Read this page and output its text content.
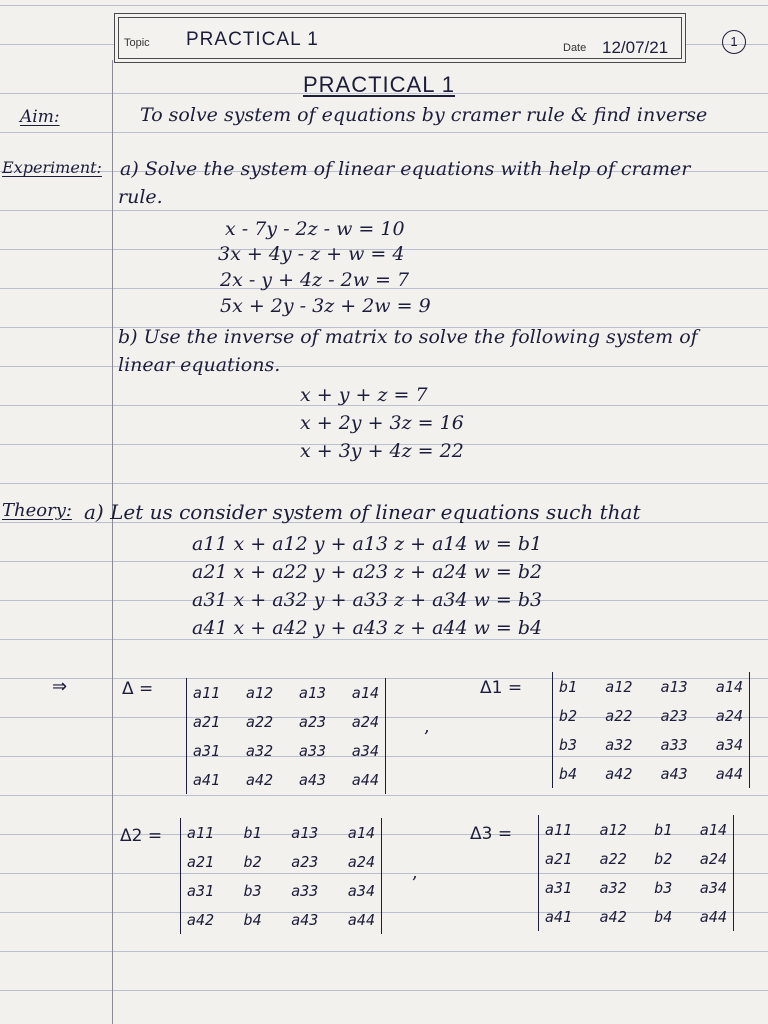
Topic PRACTICAL 1	Date 12/07/21	1
PRACTICAL 1
Aim:	To solve system of equations by cramer rule & find inverse
Experiment: a) Solve the system of linear equations with help of cramer
rule.
x - 7y - 2z - w = 10
3x + 4y - z + w = 4
2x - y + 4z - 2w = 7
5x + 2y - 3z + 2w = 9
b) Use the inverse of matrix to solve the following system of
linear equations.
x + y + z = 7
x + 2y + 3z = 16
x + 3y + 4z = 22
Theory: a) Let us consider system of linear equations such that
a11 x + a12 y + a13 z + a14 w = b1
a21 x + a22 y + a23 z + a24 w = b2
a31 x + a32 y + a33 z + a34 w = b3
a41 x + a42 y + a43 z + a44 w = b4
⇒	Δ =	a11 a12 a13 a14
a21 a22 a23 a24
a31 a32 a33 a34
a41 a42 a43 a44
,
Δ1 = b1 a12 a13 a14
b2 a22 a23 a24
b3 a32 a33 a34
b4 a42 a43 a44
Δ2 = a11 b1 a13 a14
a21 b2 a23 a24
a31 b3 a33 a34
a42 b4 a43 a44
,
Δ3 = a11 a12 b1 a14
a21 a22 b2 a24
a31 a32 b3 a34
a41 a42 b4 a44
